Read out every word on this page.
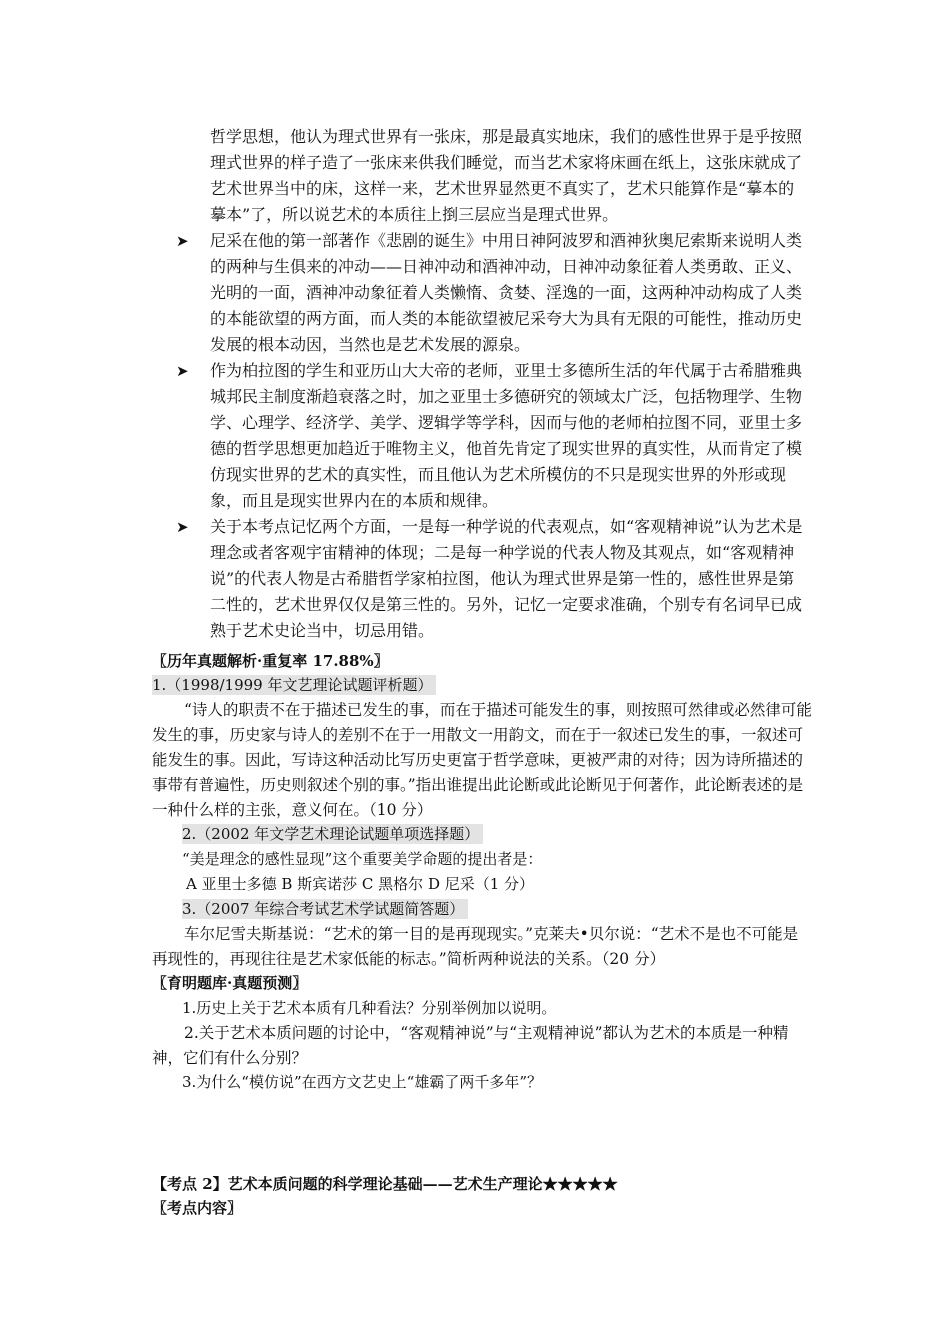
哲学思想，他认为理式世界有一张床，那是最真实地床，我们的感性世界于是乎按照理式世界的样子造了一张床来供我们睡觉，而当艺术家将床画在纸上，这张床就成了艺术世界当中的床，这样一来，艺术世界显然更不真实了，艺术只能算作是“摹本的摹本”了，所以说艺术的本质往上捯三层应当是理式世界。

➤	尼采在他的第一部著作《悲剧的诞生》中用日神阿波罗和酒神狄奥尼索斯来说明人类的两种与生俱来的冲动——日神冲动和酒神冲动，日神冲动象征着人类勇敢、正义、光明的一面，酒神冲动象征着人类懒惰、贪婪、淫逸的一面，这两种冲动构成了人类的本能欲望的两方面，而人类的本能欲望被尼采夸大为具有无限的可能性，推动历史发展的根本动因，当然也是艺术发展的源泉。
➤	作为柏拉图的学生和亚历山大大帝的老师，亚里士多德所生活的年代属于古希腊雅典城邦民主制度渐趋衰落之时，加之亚里士多德研究的领域太广泛，包括物理学、生物学、心理学、经济学、美学、逻辑学等学科，因而与他的老师柏拉图不同，亚里士多德的哲学思想更加趋近于唯物主义，他首先肯定了现实世界的真实性，从而肯定了模仿现实世界的艺术的真实性，而且他认为艺术所模仿的不只是现实世界的外形或现象，而且是现实世界内在的本质和规律。
➤	关于本考点记忆两个方面，一是每一种学说的代表观点，如“客观精神说”认为艺术是理念或者客观宇宙精神的体现；二是每一种学说的代表人物及其观点，如“客观精神说”的代表人物是古希腊哲学家柏拉图，他认为理式世界是第一性的，感性世界是第二性的，艺术世界仅仅是第三性的。另外，记忆一定要求准确，个别专有名词早已成熟于艺术史论当中，切忌用错。
〖历年真题解析·重复率 17.88%〗
1.（1998/1999 年文艺理论试题评析题）

“诗人的职责不在于描述已发生的事，而在于描述可能发生的事，则按照可然律或必然律可能发生的事，历史家与诗人的差别不在于一用散文一用韵文，而在于一叙述已发生的事，一叙述可能发生的事。因此，写诗这种活动比写历史更富于哲学意味，更被严肃的对待；因为诗所描述的事带有普遍性，历史则叙述个别的事。”指出谁提出此论断或此论断见于何著作，此论断表述的是一种什么样的主张，意义何在。（10 分）

2.（2002 年文学艺术理论试题单项选择题）
“美是理念的感性显现”这个重要美学命题的提出者是：
A 亚里士多德 B 斯宾诺莎 C 黑格尔 D 尼采（1 分）
3.（2007 年综合考试艺术学试题简答题）

车尔尼雪夫斯基说：“艺术的第一目的是再现现实。”克莱夫•贝尔说：“艺术不是也不可能是再现性的，再现往往是艺术家低能的标志。”简析两种说法的关系。（20 分）

〖育明题库·真题预测〗
1.历史上关于艺术本质有几种看法？分别举例加以说明。

2.关于艺术本质问题的讨论中，“客观精神说”与“主观精神说”都认为艺术的本质是一种精神，它们有什么分别？

3.为什么“模仿说”在西方文艺史上“雄霸了两千多年”？
【考点 2】艺术本质问题的科学理论基础——艺术生产理论★★★★★
〖考点内容〗
